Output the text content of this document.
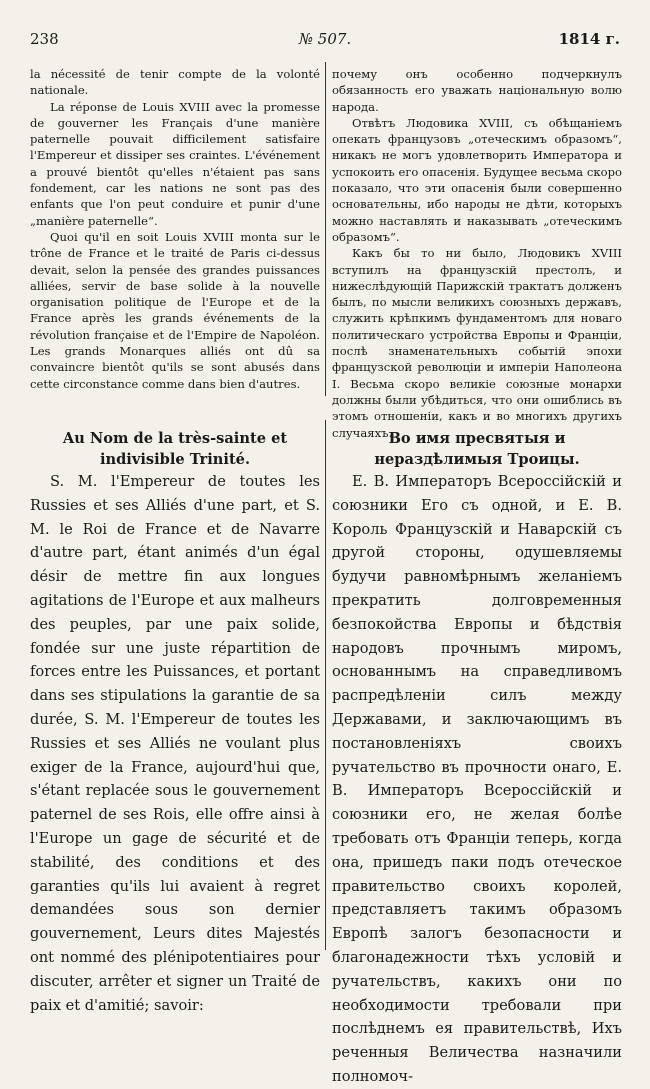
238	№ 507.	1814 г.

la nécessité de tenir compte de la volonté nationale.

La réponse de Louis XVIII avec la promesse de gouverner les Français d'une manière paternelle pouvait difficilement satisfaire l'Empereur et dissiper ses craintes. L'événement a prouvé bientôt qu'elles n'étaient pas sans fondement, car les nations ne sont pas des enfants que l'on peut conduire et punir d'une „manière paternelle“.

Quoi qu'il en soit Louis XVIII monta sur le trône de France et le traité de Paris ci-dessus devait, selon la pensée des grandes puissances alliées, servir de base solide à la nouvelle organisation politique de l'Europe et de la France après les grands événements de la révolution française et de l'Empire de Napoléon. Les grands Monarques alliés ont dû sa convaincre bientôt qu'ils se sont abusés dans cette circonstance comme dans bien d'autres.

почему онъ особенно подчеркнулъ обязанность его уважать національную волю народа.

Отвѣтъ Людовика XVIII, съ обѣщаніемъ опекать французовъ „отеческимъ образомъ“, никакъ не могъ удовлетворить Императора и успокоить его опасенія. Будущее весьма скоро показало, что эти опасенія были совершенно основательны, ибо народы не дѣти, которыхъ можно наставлять и наказывать „отеческимъ образомъ“.

Какъ бы то ни было, Людовикъ XVIII вступилъ на французскій престолъ, и нижеслѣдующій Парижскій трактатъ долженъ былъ, по мысли великихъ союзныхъ державъ, служить крѣпкимъ фундаментомъ для новаго политическаго устройства Европы и Франціи, послѣ знаменательныхъ событій эпохи французской революціи и имперіи Наполеона I. Весьма скоро великіе союзные монархи должны были убѣдиться, что они ошиблись въ этомъ отношеніи, какъ и во многихъ другихъ случаяхъ.

Au Nom de la très-sainte et indivisible Trinité.
Во имя пресвятыя и нераздѣлимыя Троицы.

S. M. l'Empereur de toutes les Russies et ses Alliés d'une part, et S. M. le Roi de France et de Navarre d'autre part, étant animés d'un égal désir de mettre fin aux longues agitations de l'Europe et aux malheurs des peuples, par une paix solide, fondée sur une juste répartition de forces entre les Puissances, et portant dans ses stipulations la garantie de sa durée, S. M. l'Empereur de toutes les Russies et ses Alliés ne voulant plus exiger de la France, aujourd'hui que, s'étant replacée sous le gouvernement paternel de ses Rois, elle offre ainsi à l'Europe un gage de sécurité et de stabilité, des conditions et des garanties qu'ils lui avaient à regret demandées sous son dernier gouvernement, Leurs dites Majestés ont nommé des plénipotentiaires pour discuter, arrêter et signer un Traité de paix et d'amitié; savoir:

Е. В. Императоръ Всероссійскій и союзники Его съ одной, и Е. В. Король Французскій и Наварскій съ другой стороны, одушевляемы будучи равномѣрнымъ желаніемъ прекратить долговременныя безпокойства Европы и бѣдствія народовъ прочнымъ миромъ, основаннымъ на справедливомъ распредѣленіи силъ между Державами, и заключающимъ въ постановленіяхъ своихъ ручательство въ прочности онаго, Е. В. Императоръ Всероссійскій и союзники его, не желая болѣе требовать отъ Франціи теперь, когда она, пришедъ паки подъ отеческое правительство своихъ королей, представляетъ такимъ образомъ Европѣ залогъ безопасности и благонадежности тѣхъ условій и ручательствъ, какихъ они по необходимости требовали при послѣднемъ ея правительствѣ, Ихъ реченныя Величества назначили полномоч-
